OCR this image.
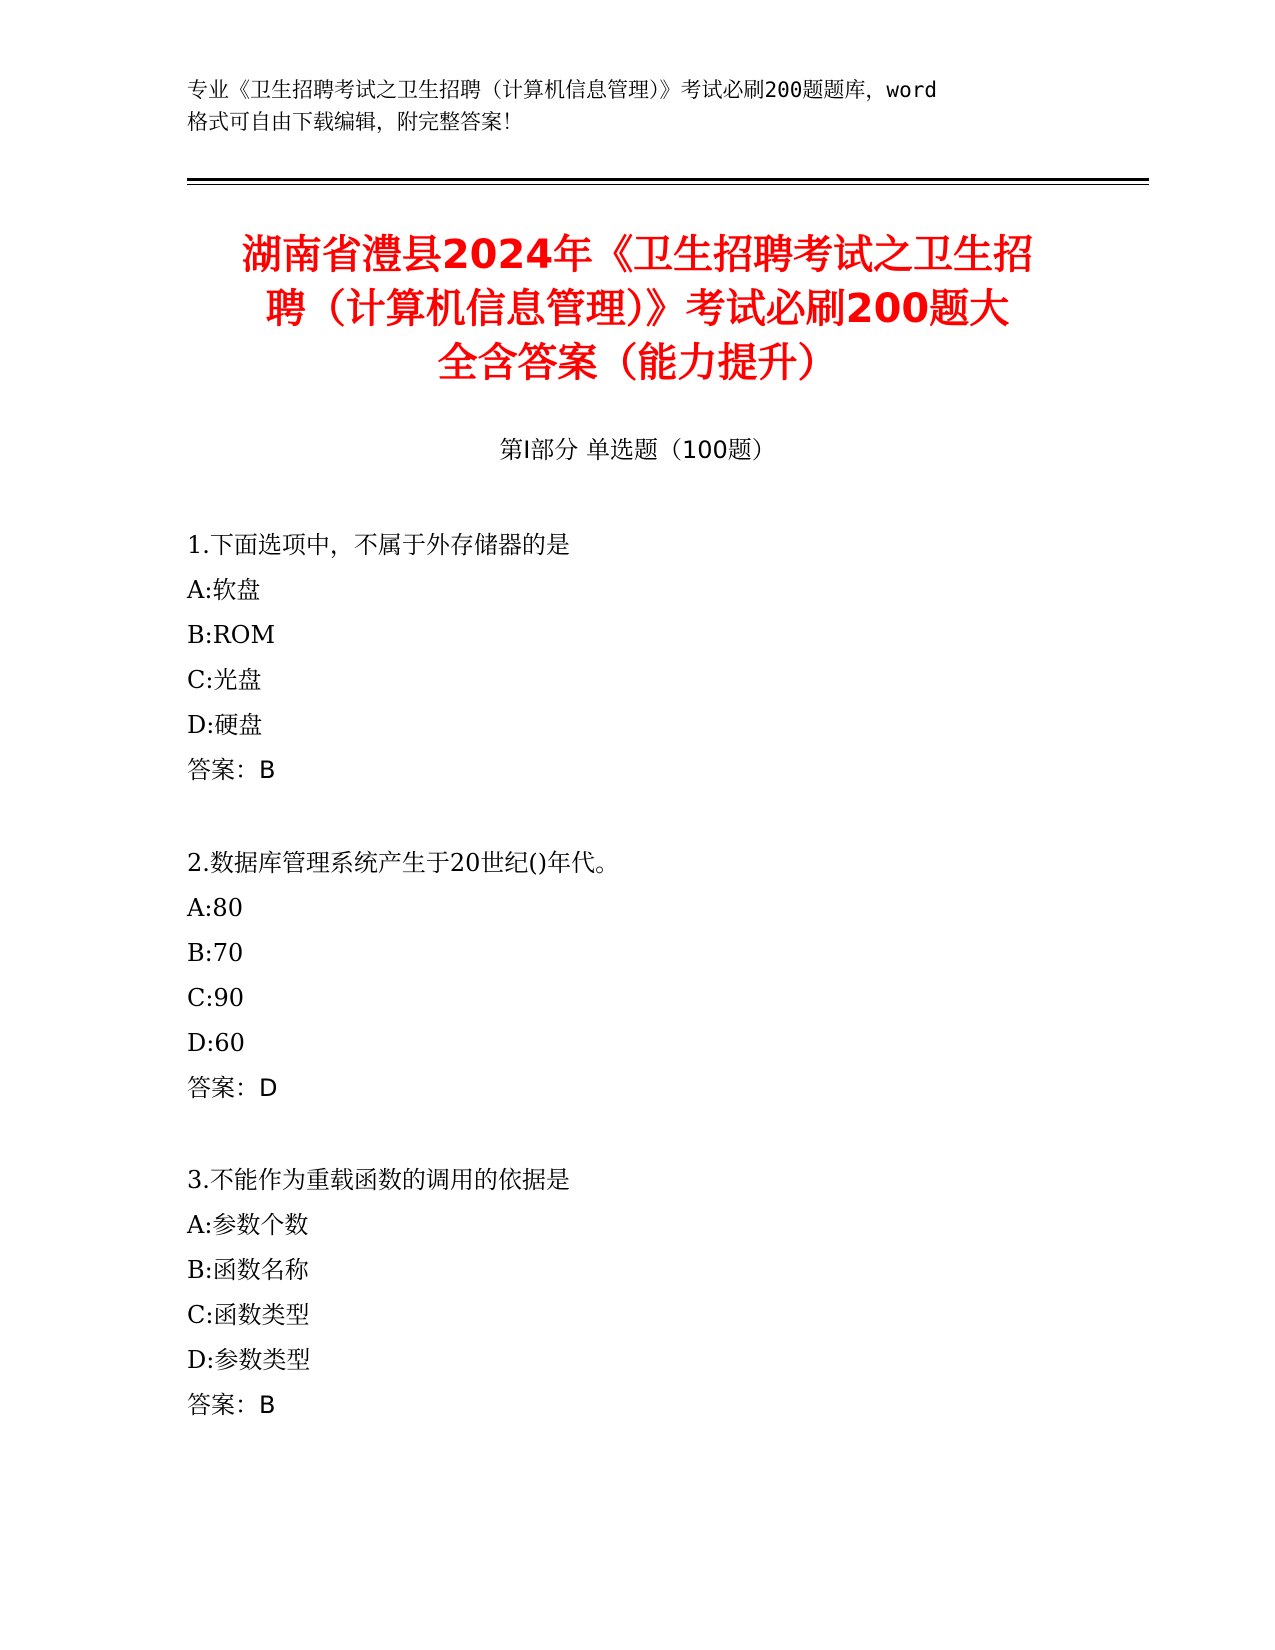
专业《卫生招聘考试之卫生招聘（计算机信息管理）》考试必刷200题题库，word
格式可自由下载编辑，附完整答案！
湖南省澧县2024年《卫生招聘考试之卫生招
聘（计算机信息管理）》考试必刷200题大
全含答案（能力提升）
第Ⅰ部分 单选题（100题）
1.下面选项中，不属于外存储器的是
A:软盘
B:ROM
C:光盘
D:硬盘
答案：B
2.数据库管理系统产生于20世纪()年代。
A:80
B:70
C:90
D:60
答案：D
3.不能作为重载函数的调用的依据是
A:参数个数
B:函数名称
C:函数类型
D:参数类型
答案：B
